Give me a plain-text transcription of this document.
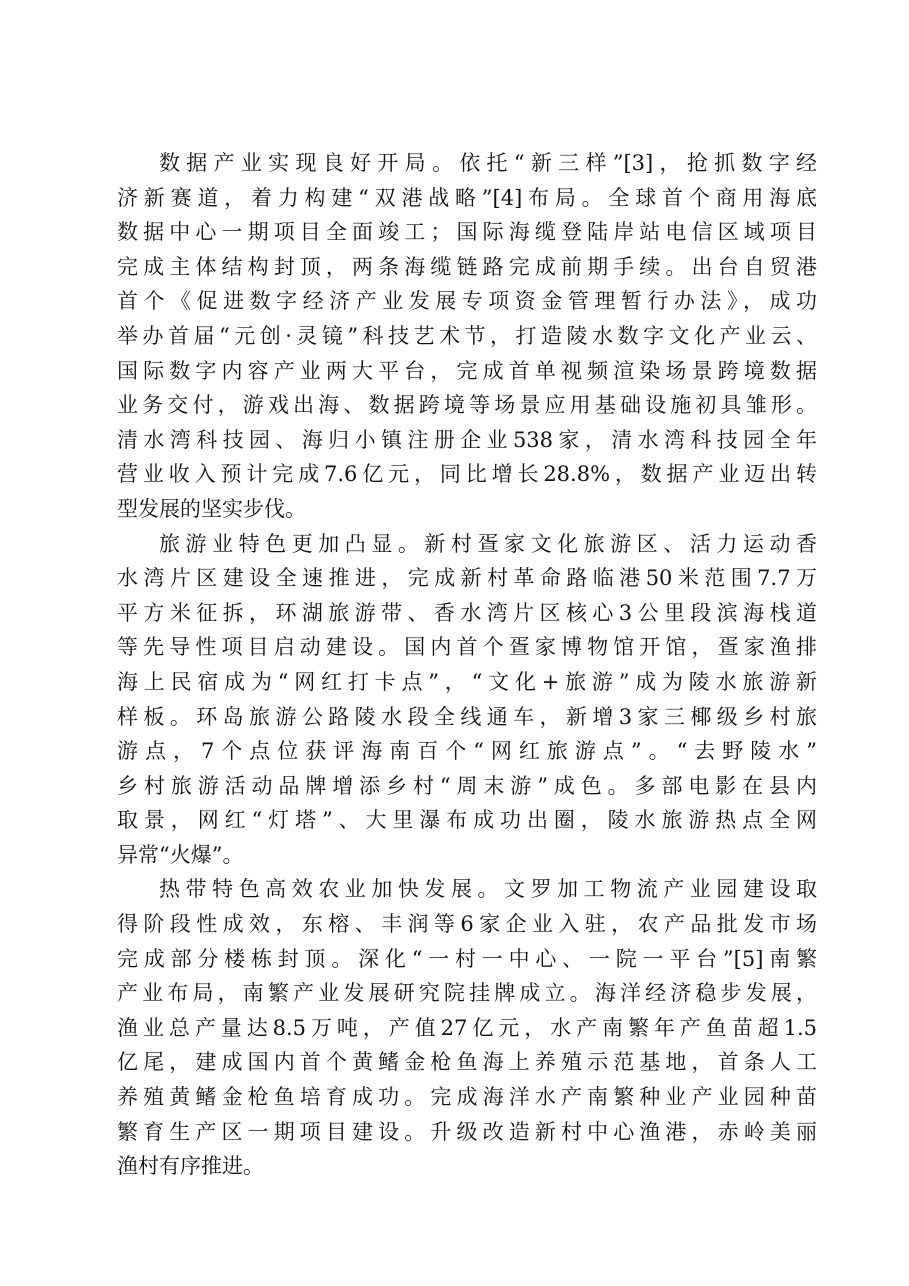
数据产业实现良好开局。依托“新三样”[3]，抢抓数字经
济新赛道，着力构建“双港战略”[4]布局。全球首个商用海底
数据中心一期项目全面竣工；国际海缆登陆岸站电信区域项目
完成主体结构封顶，两条海缆链路完成前期手续。出台自贸港
首个《促进数字经济产业发展专项资金管理暂行办法》，成功
举办首届“元创·灵镜”科技艺术节，打造陵水数字文化产业云、
国际数字内容产业两大平台，完成首单视频渲染场景跨境数据
业务交付，游戏出海、数据跨境等场景应用基础设施初具雏形。
清水湾科技园、海归小镇注册企业538家，清水湾科技园全年
营业收入预计完成7.6亿元，同比增长28.8%，数据产业迈出转
型发展的坚实步伐。
旅游业特色更加凸显。新村疍家文化旅游区、活力运动香
水湾片区建设全速推进，完成新村革命路临港50米范围7.7万
平方米征拆，环湖旅游带、香水湾片区核心3公里段滨海栈道
等先导性项目启动建设。国内首个疍家博物馆开馆，疍家渔排
海上民宿成为“网红打卡点”，“文化+旅游”成为陵水旅游新
样板。环岛旅游公路陵水段全线通车，新增3家三椰级乡村旅
游点，7个点位获评海南百个“网红旅游点”。“去野陵水”
乡村旅游活动品牌增添乡村“周末游”成色。多部电影在县内
取景，网红“灯塔”、大里瀑布成功出圈，陵水旅游热点全网
异常“火爆”。
热带特色高效农业加快发展。文罗加工物流产业园建设取
得阶段性成效，东榕、丰润等6家企业入驻，农产品批发市场
完成部分楼栋封顶。深化“一村一中心、一院一平台”[5]南繁
产业布局，南繁产业发展研究院挂牌成立。海洋经济稳步发展，
渔业总产量达8.5万吨，产值27亿元，水产南繁年产鱼苗超1.5
亿尾，建成国内首个黄鳍金枪鱼海上养殖示范基地，首条人工
养殖黄鳍金枪鱼培育成功。完成海洋水产南繁种业产业园种苗
繁育生产区一期项目建设。升级改造新村中心渔港，赤岭美丽
渔村有序推进。
